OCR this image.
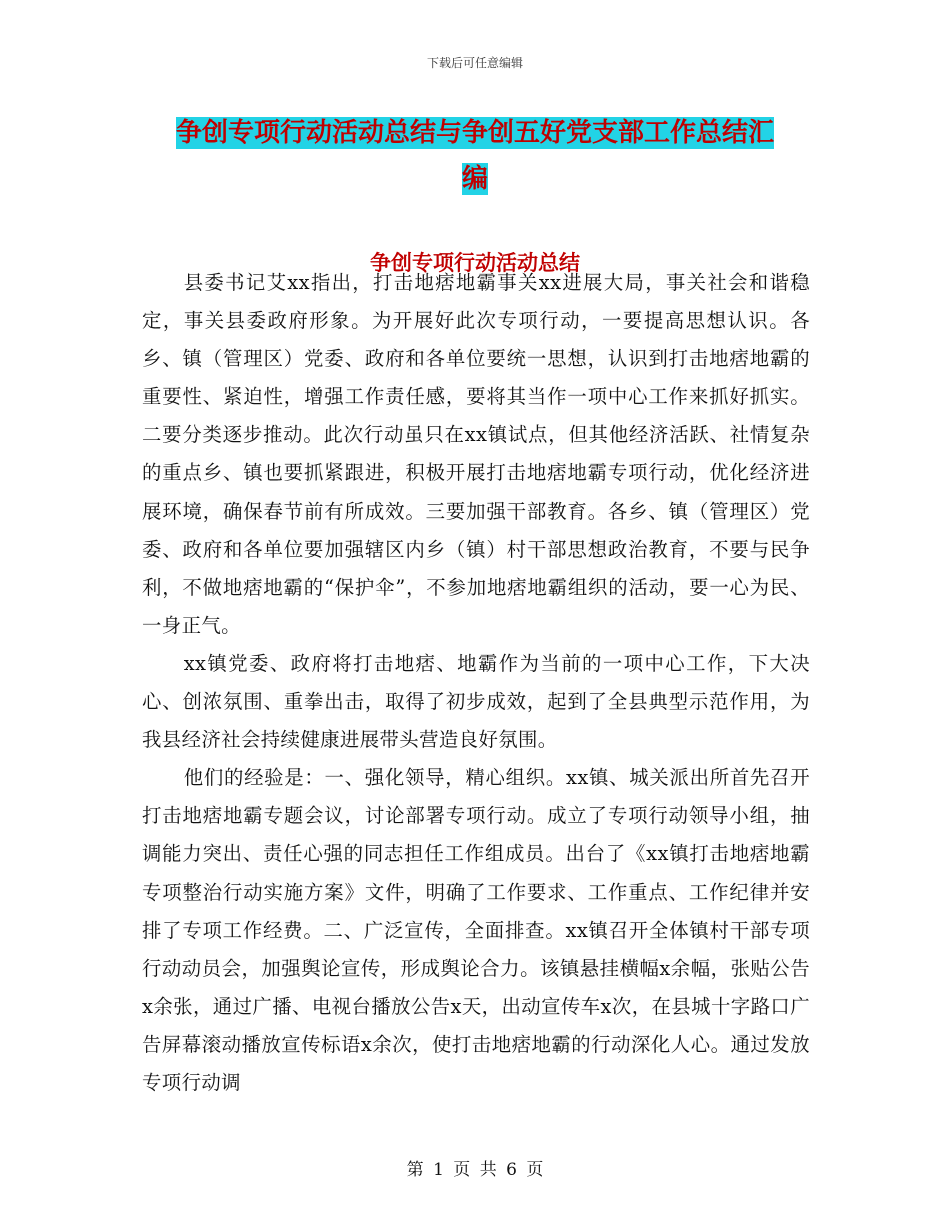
下载后可任意编辑
争创专项行动活动总结与争创五好党支部工作总结汇
编
争创专项行动活动总结

县委书记艾xx指出，打击地痞地霸事关xx进展大局，事关社会和谐稳定，事关县委政府形象。为开展好此次专项行动，一要提高思想认识。各乡、镇（管理区）党委、政府和各单位要统一思想，认识到打击地痞地霸的重要性、紧迫性，增强工作责任感，要将其当作一项中心工作来抓好抓实。二要分类逐步推动。此次行动虽只在xx镇试点，但其他经济活跃、社情复杂的重点乡、镇也要抓紧跟进，积极开展打击地痞地霸专项行动，优化经济进展环境，确保春节前有所成效。三要加强干部教育。各乡、镇（管理区）党委、政府和各单位要加强辖区内乡（镇）村干部思想政治教育，不要与民争利，不做地痞地霸的“保护伞”，不参加地痞地霸组织的活动，要一心为民、一身正气。

xx镇党委、政府将打击地痞、地霸作为当前的一项中心工作，下大决心、创浓氛围、重拳出击，取得了初步成效，起到了全县典型示范作用，为我县经济社会持续健康进展带头营造良好氛围。

他们的经验是：一、强化领导，精心组织。xx镇、城关派出所首先召开打击地痞地霸专题会议，讨论部署专项行动。成立了专项行动领导小组，抽调能力突出、责任心强的同志担任工作组成员。出台了《xx镇打击地痞地霸专项整治行动实施方案》文件，明确了工作要求、工作重点、工作纪律并安排了专项工作经费。二、广泛宣传，全面排查。xx镇召开全体镇村干部专项行动动员会，加强舆论宣传，形成舆论合力。该镇悬挂横幅x余幅，张贴公告x余张，通过广播、电视台播放公告x天，出动宣传车x次，在县城十字路口广告屏幕滚动播放宣传标语x余次，使打击地痞地霸的行动深化人心。通过发放专项行动调

第 1 页 共 6 页
